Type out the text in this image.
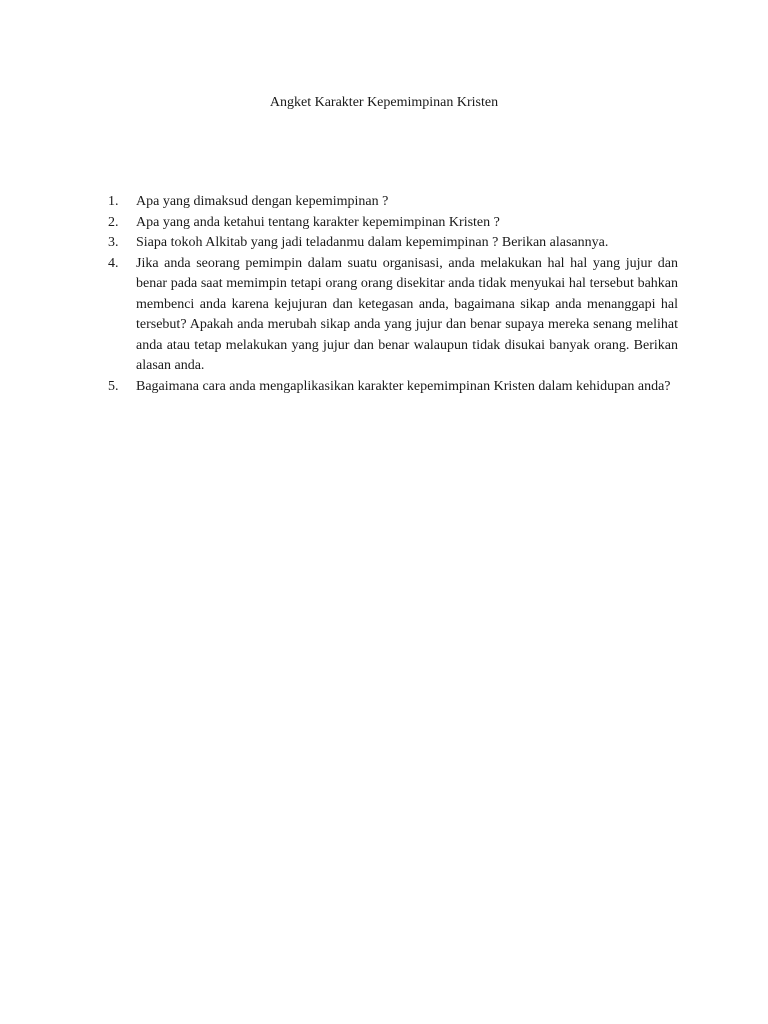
Angket Karakter Kepemimpinan Kristen
1.	Apa yang dimaksud dengan kepemimpinan ?
2.	Apa yang anda ketahui tentang karakter kepemimpinan Kristen ?
3.	Siapa tokoh Alkitab yang jadi teladanmu dalam kepemimpinan ? Berikan alasannya.
4.	Jika anda seorang pemimpin dalam suatu organisasi, anda melakukan hal hal yang jujur dan benar pada saat memimpin tetapi orang orang disekitar anda tidak menyukai hal tersebut bahkan membenci anda karena kejujuran dan ketegasan anda, bagaimana sikap anda menanggapi hal tersebut? Apakah anda merubah sikap anda yang jujur dan benar supaya mereka senang melihat anda atau tetap melakukan yang jujur dan benar walaupun tidak disukai banyak orang. Berikan alasan anda.
5.	Bagaimana cara anda mengaplikasikan karakter kepemimpinan Kristen dalam kehidupan anda?
